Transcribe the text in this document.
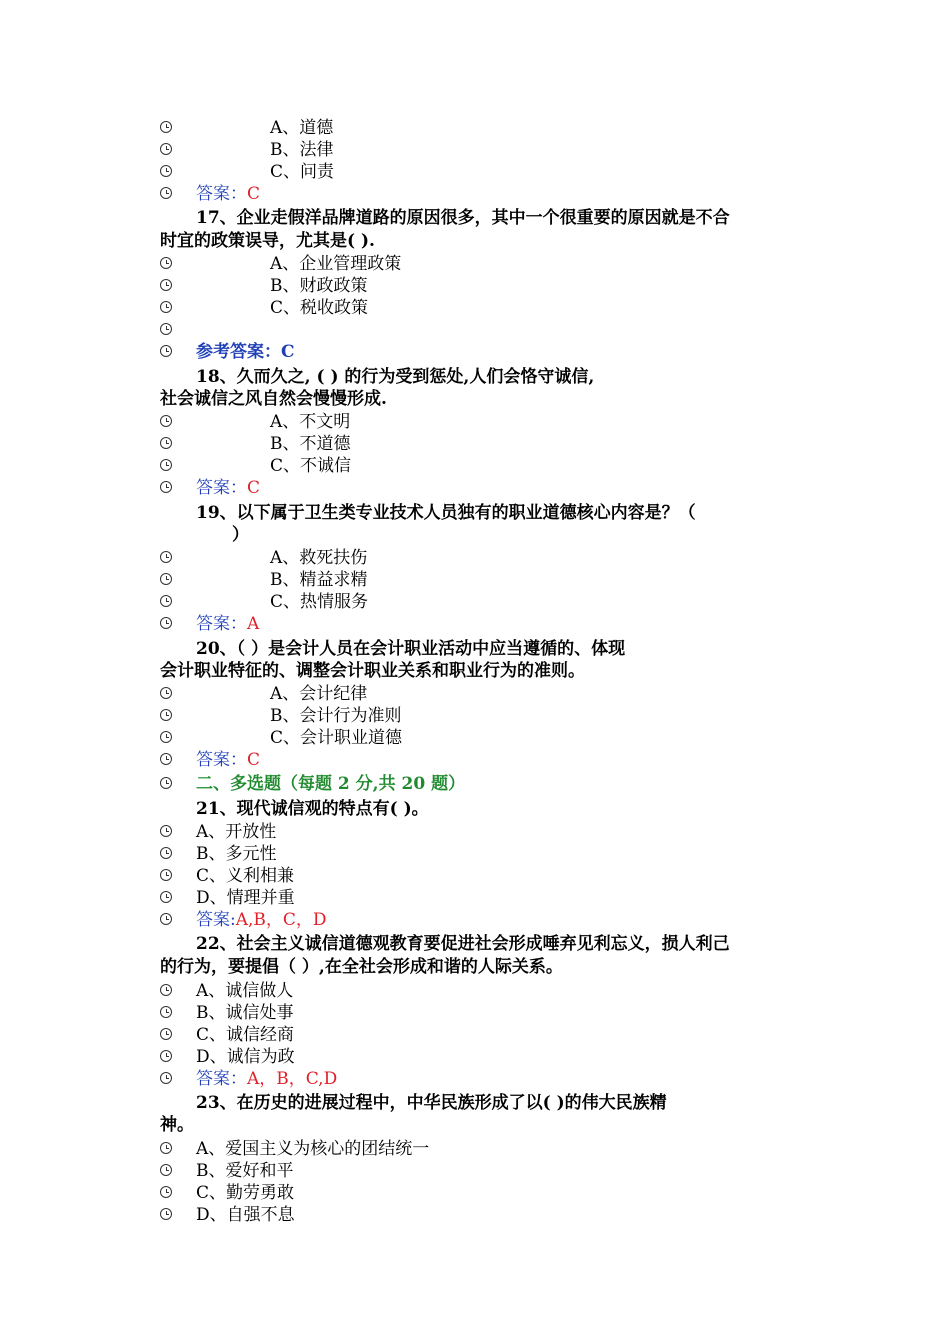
A、道德
B、法律
C、问责
答案：C
17、企业走假洋品牌道路的原因很多，其中一个很重要的原因就是不合
时宜的政策误导，尤其是( ).
A、企业管理政策
B、财政政策
C、税收政策
参考答案：C
18、久而久之, ( ) 的行为受到惩处,人们会恪守诚信,
社会诚信之风自然会慢慢形成.
A、不文明
B、不道德
C、不诚信
答案：C
19、以下属于卫生类专业技术人员独有的职业道德核心内容是？（
）
A、救死扶伤
B、精益求精
C、热情服务
答案：A
20、（ ）是会计人员在会计职业活动中应当遵循的、体现
会计职业特征的、调整会计职业关系和职业行为的准则。
A、会计纪律
B、会计行为准则
C、会计职业道德
答案：C
二、多选题（每题 2 分,共 20 题）
21、现代诚信观的特点有( )。
A、开放性
B、多元性
C、义利相兼
D、情理并重
答案:A,B，C，D
22、社会主义诚信道德观教育要促进社会形成唾弃见利忘义，损人利己
的行为，要提倡（ ）,在全社会形成和谐的人际关系。
A、诚信做人
B、诚信处事
C、诚信经商
D、诚信为政
答案：A，B，C,D
23、在历史的进展过程中，中华民族形成了以( )的伟大民族精
神。
A、爱国主义为核心的团结统一
B、爱好和平
C、勤劳勇敢
D、自强不息
